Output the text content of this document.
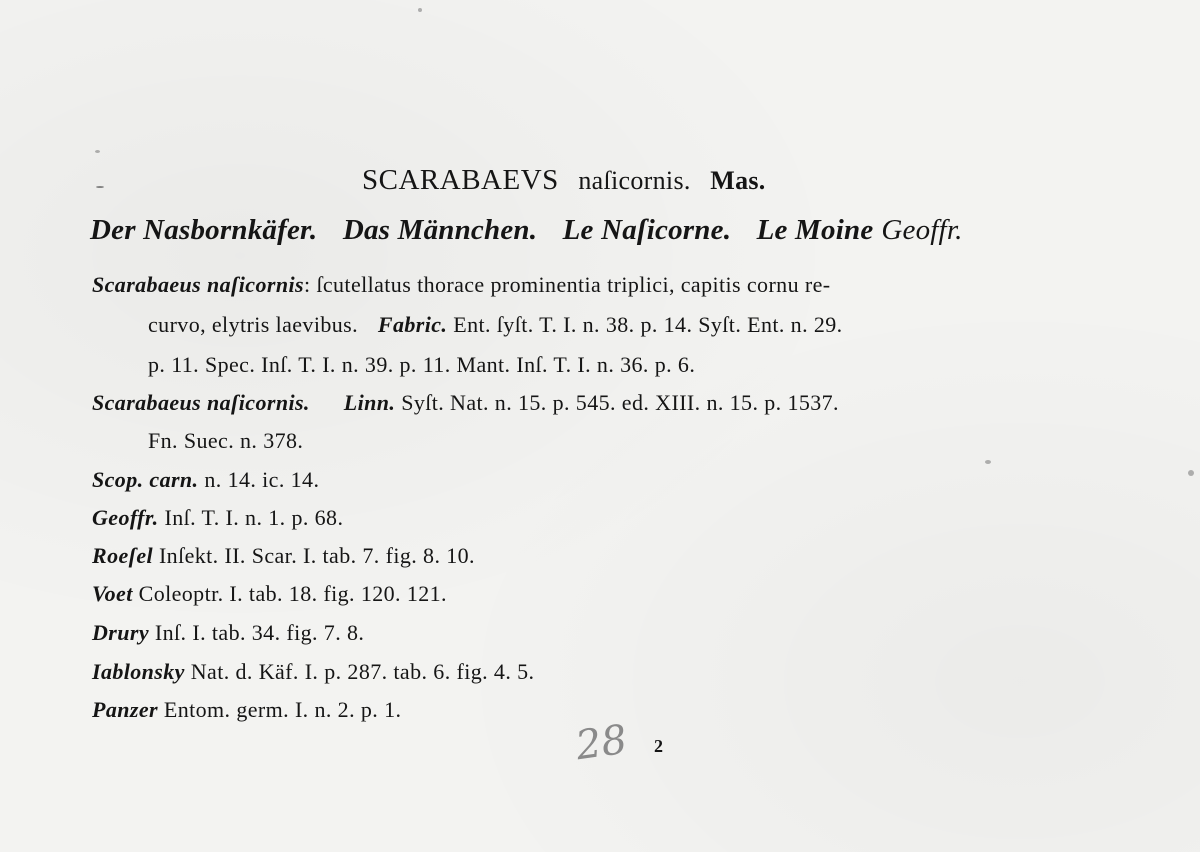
SCARABAEVS naſicornis. Mas.
Der Nasbornkäfer. Das Männchen. Le Naſicorne. Le Moine Geoffr.
Scarabaeus naſicornis: ſcutellatus thorace prominentia triplici, capitis cornu re-
curvo, elytris laevibus. Fabric. Ent. ſyſt. T. I. n. 38. p. 14. Syſt. Ent. n. 29.
p. 11. Spec. Inſ. T. I. n. 39. p. 11. Mant. Inſ. T. I. n. 36. p. 6.
Scarabaeus naſicornis. Linn. Syſt. Nat. n. 15. p. 545. ed. XIII. n. 15. p. 1537.
Fn. Suec. n. 378.
Scop. carn. n. 14. ic. 14.
Geoffr. Inſ. T. I. n. 1. p. 68.
Roeſel Inſekt. II. Scar. I. tab. 7. fig. 8. 10.
Voet Coleoptr. I. tab. 18. fig. 120. 121.
Drury Inſ. I. tab. 34. fig. 7. 8.
Iablonsky Nat. d. Käf. I. p. 287. tab. 6. fig. 4. 5.
Panzer Entom. germ. I. n. 2. p. 1.
28 2
